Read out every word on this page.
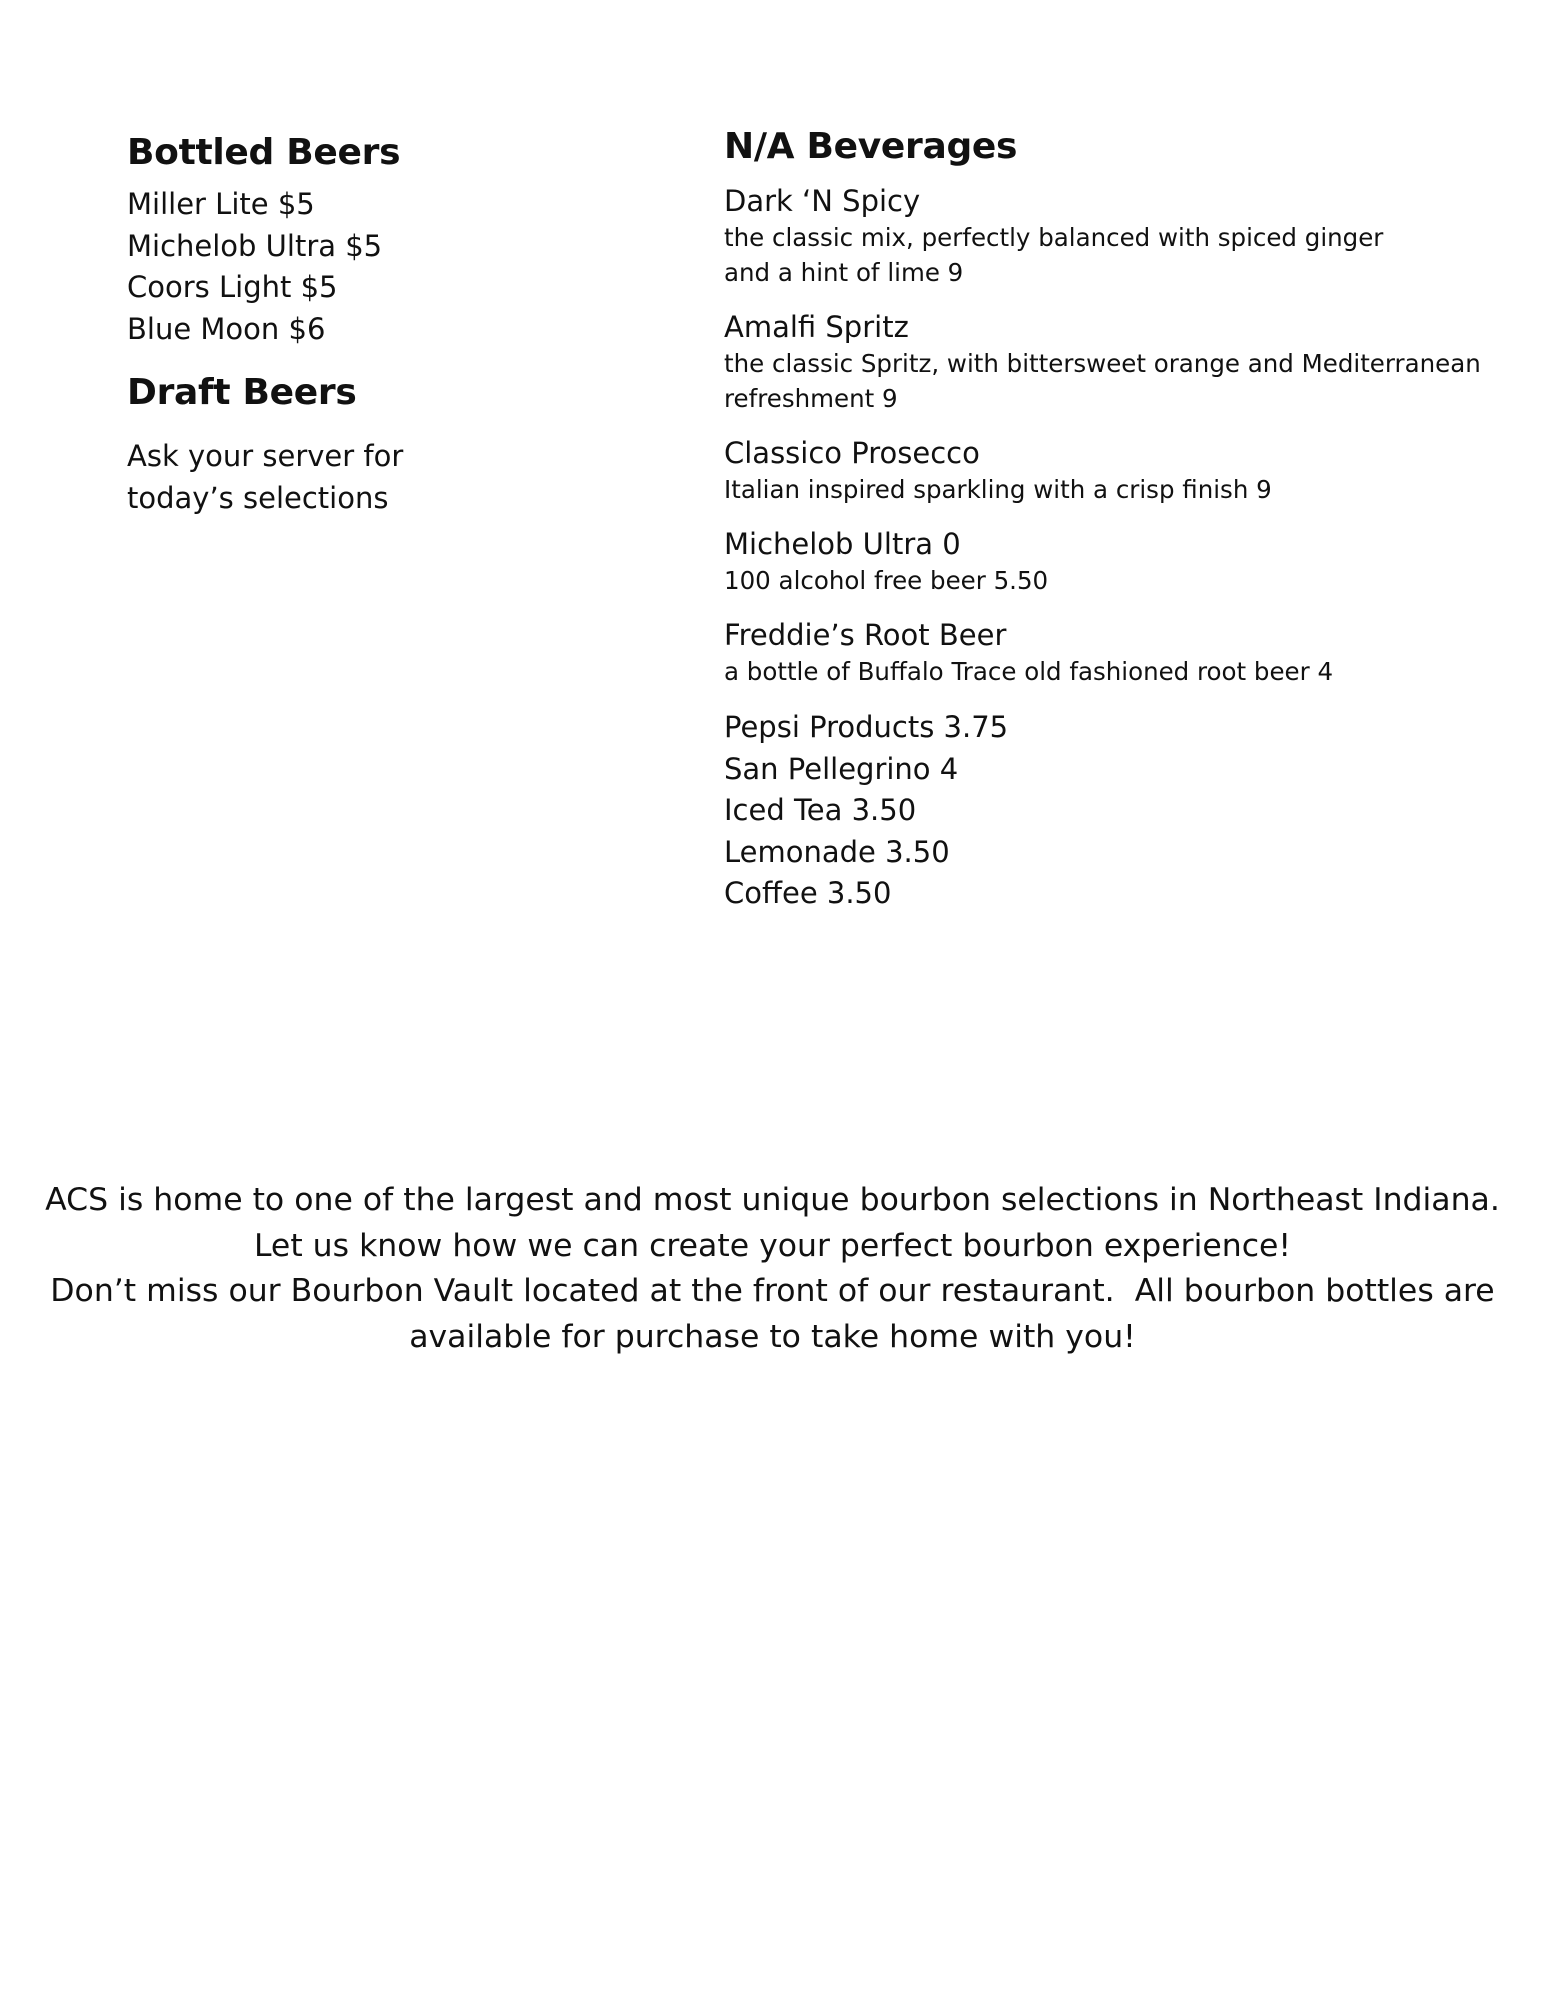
Bottled Beers
Miller Lite $5
Michelob Ultra $5
Coors Light $5
Blue Moon $6
Draft Beers
Ask your server for
today’s selections
N/A Beverages
Dark ‘N Spicy
the classic mix, perfectly balanced with spiced ginger
and a hint of lime 9
Amalfi Spritz
the classic Spritz, with bittersweet orange and Mediterranean
refreshment 9
Classico Prosecco
Italian inspired sparkling with a crisp finish 9
Michelob Ultra 0
100 alcohol free beer 5.50
Freddie’s Root Beer
a bottle of Buffalo Trace old fashioned root beer 4
Pepsi Products 3.75
San Pellegrino 4
Iced Tea 3.50
Lemonade 3.50
Coffee 3.50
ACS is home to one of the largest and most unique bourbon selections in Northeast Indiana.
Let us know how we can create your perfect bourbon experience!
Don’t miss our Bourbon Vault located at the front of our restaurant.  All bourbon bottles are
available for purchase to take home with you!
